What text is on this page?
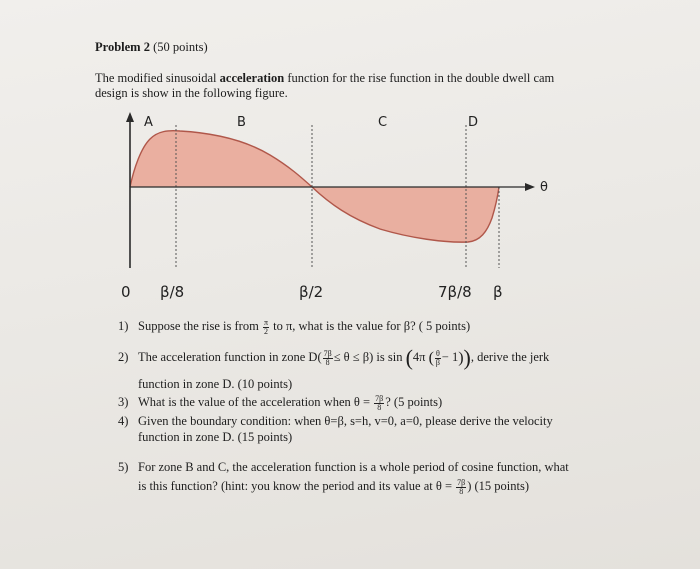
Problem 2 (50 points)
The modified sinusoidal acceleration function for the rise function in the double dwell cam
design is show in the following figure.
A	B	C	D
θ
0 β/8	β/2	7β/8 β
1) Suppose the rise is from $\frac{\pi}{2}$ to π, what is the value for β? ( 5 points)
2) The acceleration function in zone $D( \frac{7\beta}{8} \le \theta \le \beta)$ is sin (4π ( $\frac{\theta}{\beta} - 1$)), derive the jerk
function in zone D. (10 points)
3) What is the value of the acceleration when $\theta = \frac{7\beta}{8}$ ? (5 points)
4) Given the boundary condition: when θ=β, s=h, v=0, a=0, please derive the velocity
function in zone D. (15 points)
5) For zone B and C, the acceleration function is a whole period of cosine function, what
is this function? (hint: you know the period and its value at $\theta = \frac{7\beta}{8}$ ) (15 points)
